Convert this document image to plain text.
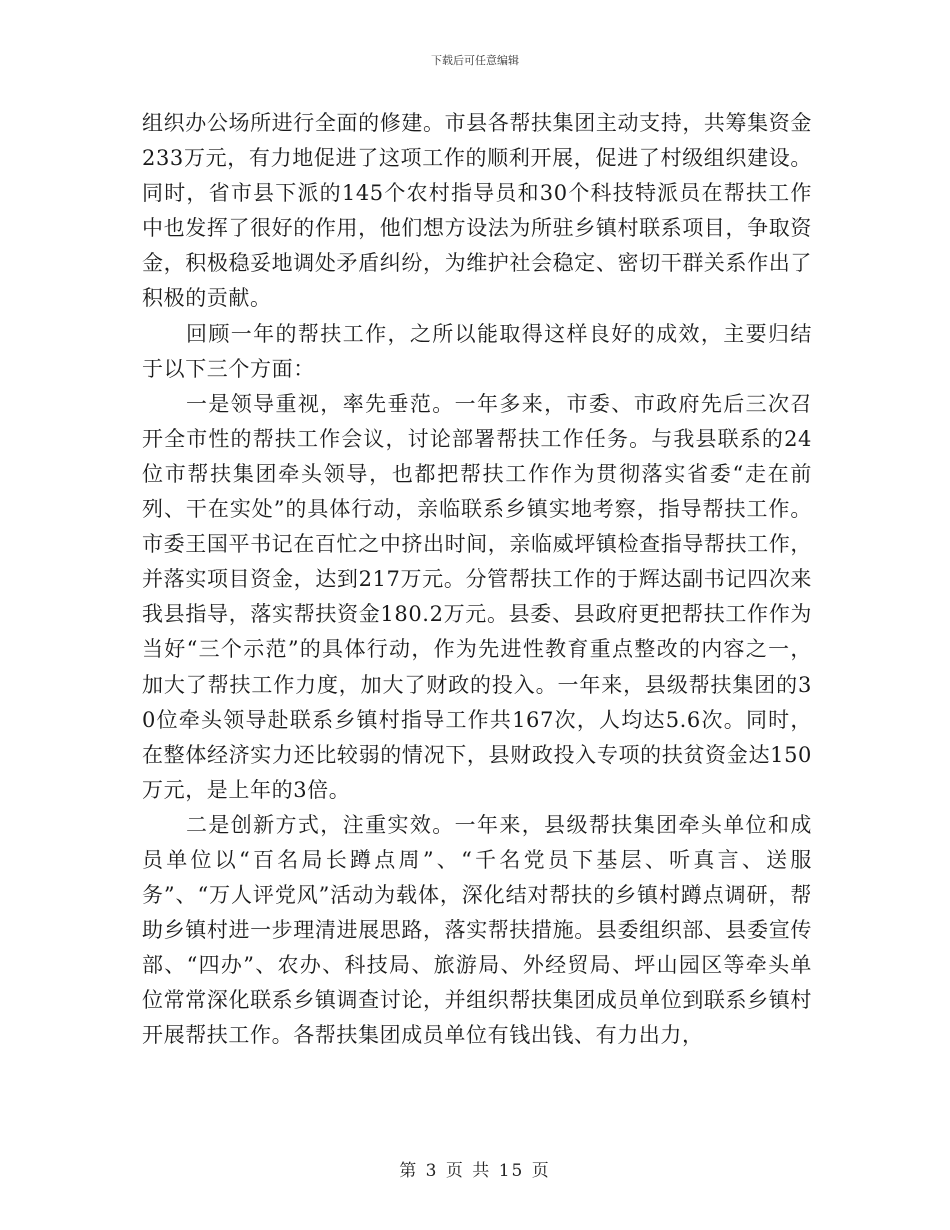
下载后可任意编辑

组织办公场所进行全面的修建。市县各帮扶集团主动支持，共筹集资金233万元，有力地促进了这项工作的顺利开展，促进了村级组织建设。同时，省市县下派的145个农村指导员和30个科技特派员在帮扶工作中也发挥了很好的作用，他们想方设法为所驻乡镇村联系项目，争取资金，积极稳妥地调处矛盾纠纷，为维护社会稳定、密切干群关系作出了积极的贡献。

回顾一年的帮扶工作，之所以能取得这样良好的成效，主要归结于以下三个方面：

一是领导重视，率先垂范。一年多来，市委、市政府先后三次召开全市性的帮扶工作会议，讨论部署帮扶工作任务。与我县联系的24位市帮扶集团牵头领导，也都把帮扶工作作为贯彻落实省委“走在前列、干在实处”的具体行动，亲临联系乡镇实地考察，指导帮扶工作。市委王国平书记在百忙之中挤出时间，亲临威坪镇检查指导帮扶工作，并落实项目资金，达到217万元。分管帮扶工作的于辉达副书记四次来我县指导，落实帮扶资金180.2万元。县委、县政府更把帮扶工作作为当好“三个示范”的具体行动，作为先进性教育重点整改的内容之一，加大了帮扶工作力度，加大了财政的投入。一年来，县级帮扶集团的30位牵头领导赴联系乡镇村指导工作共167次，人均达5.6次。同时，在整体经济实力还比较弱的情况下，县财政投入专项的扶贫资金达150万元，是上年的3倍。

二是创新方式，注重实效。一年来，县级帮扶集团牵头单位和成员单位以“百名局长蹲点周”、“千名党员下基层、听真言、送服务”、“万人评党风”活动为载体，深化结对帮扶的乡镇村蹲点调研，帮助乡镇村进一步理清进展思路，落实帮扶措施。县委组织部、县委宣传部、“四办”、农办、科技局、旅游局、外经贸局、坪山园区等牵头单位常常深化联系乡镇调查讨论，并组织帮扶集团成员单位到联系乡镇村开展帮扶工作。各帮扶集团成员单位有钱出钱、有力出力，

第 3 页 共 15 页
